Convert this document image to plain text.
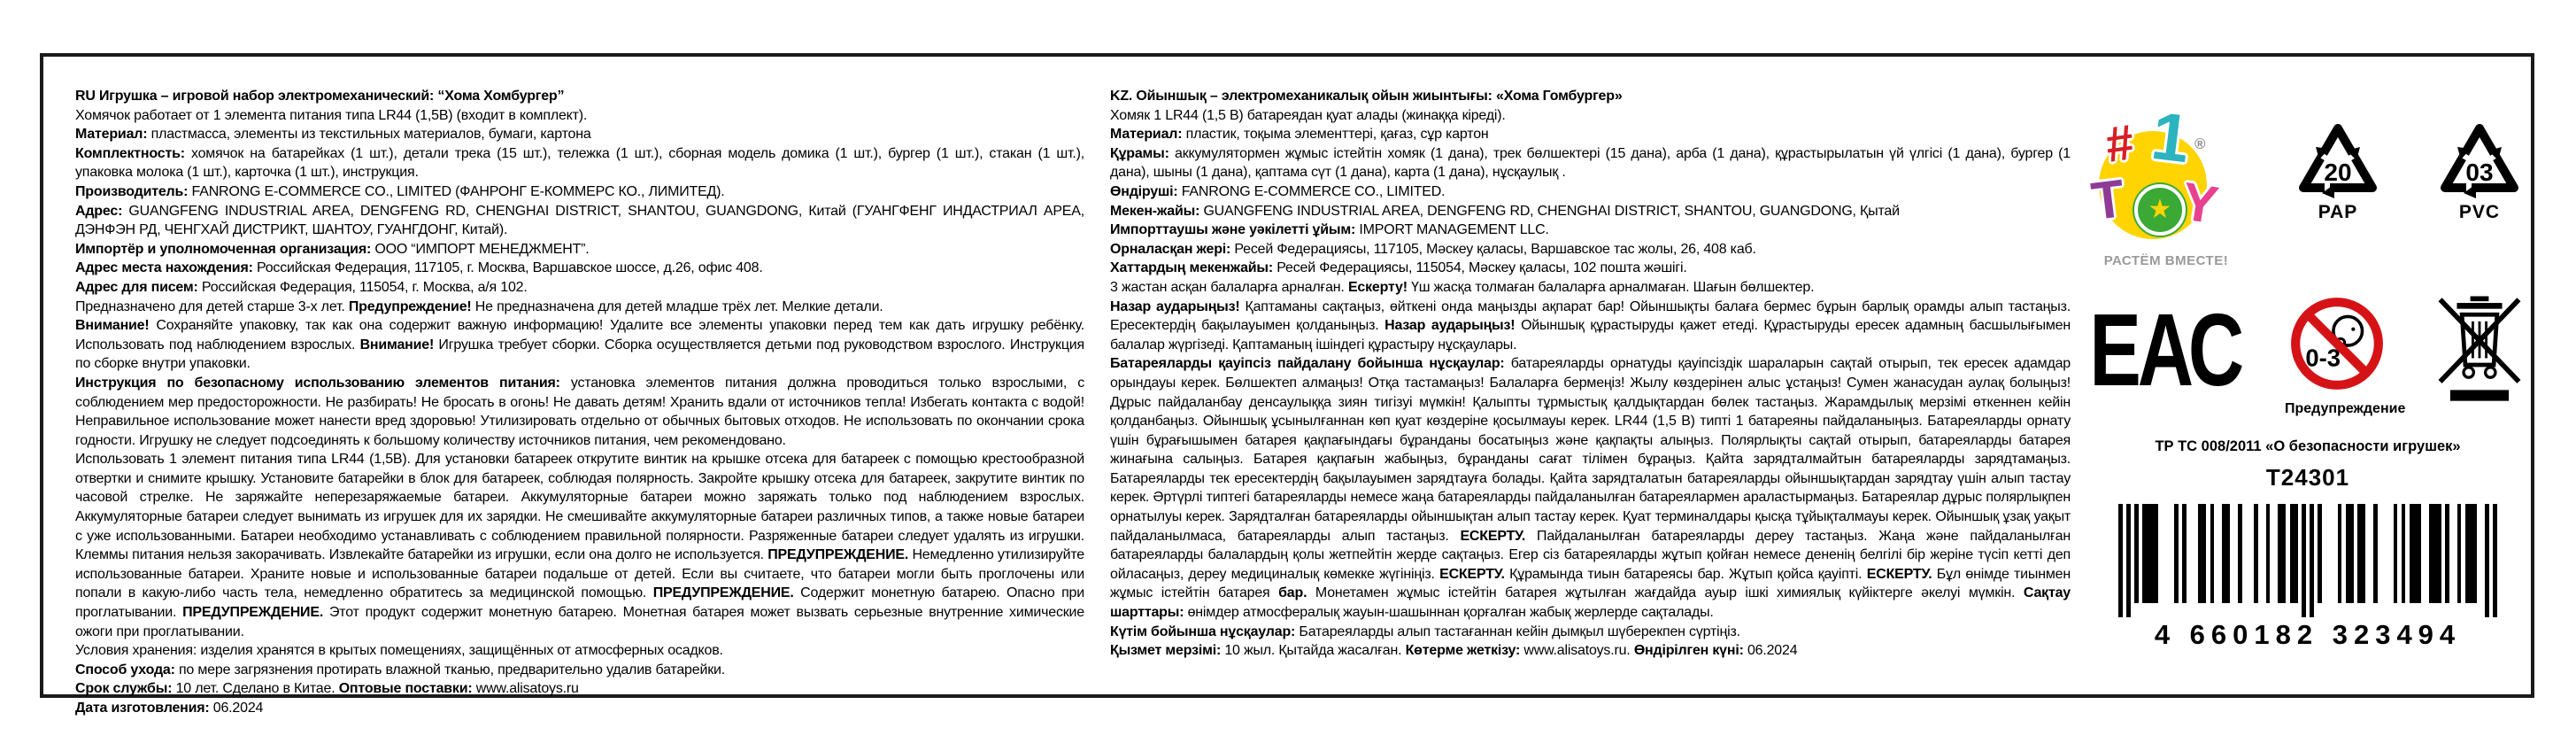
RU Игрушка – игровой набор электромеханический: “Хома Хомбургер”

Хомячок работает от 1 элемента питания типа LR44 (1,5В) (входит в комплект).

Материал: пластмасса, элементы из текстильных материалов, бумаги, картона

Комплектность: хомячок на батарейках (1 шт.), детали трека (15 шт.), тележка (1 шт.), сборная модель домика (1 шт.), бургер (1 шт.), стакан (1 шт.), упаковка молока (1 шт.), карточка (1 шт.), инструкция.

Производитель: FANRONG E-COMMERCE CO., LIMITED (ФАНРОНГ Е-КОММЕРС КО., ЛИМИТЕД).

Адрес: GUANGFENG INDUSTRIAL AREA, DENGFENG RD, CHENGHAI DISTRICT, SHANTOU, GUANGDONG, Китай (ГУАНГФЕНГ ИНДАСТРИАЛ АРЕА, ДЭНФЭН РД, ЧЕНГХАЙ ДИСТРИКТ, ШАНТОУ, ГУАНГДОНГ, Китай).

Импортёр и уполномоченная организация: ООО “ИМПОРТ МЕНЕДЖМЕНТ”.

Адрес места нахождения: Российская Федерация, 117105, г. Москва, Варшавское шоссе, д.26, офис 408.

Адрес для писем: Российская Федерация, 115054, г. Москва, а/я 102.

Предназначено для детей старше 3-х лет. Предупреждение! Не предназначена для детей младше трёх лет. Мелкие детали.

Внимание! Сохраняйте упаковку, так как она содержит важную информацию! Удалите все элементы упаковки перед тем как дать игрушку ребёнку. Использовать под наблюдением взрослых. Внимание! Игрушка требует сборки. Сборка осуществляется детьми под руководством взрослого. Инструкция по сборке внутри упаковки.

Инструкция по безопасному использованию элементов питания: установка элементов питания должна проводиться только взрослыми, с соблюдением мер предосторожности. Не разбирать! Не бросать в огонь! Не давать детям! Хранить вдали от источников тепла! Избегать контакта с водой! Неправильное использование может нанести вред здоровью! Утилизировать отдельно от обычных бытовых отходов. Не использовать по окончании срока годности. Игрушку не следует подсоединять к большому количеству источников питания, чем рекомендовано.

Использовать 1 элемент питания типа LR44 (1,5В). Для установки батареек открутите винтик на крышке отсека для батареек с помощью крестообразной отвертки и снимите крышку. Установите батарейки в блок для батареек, соблюдая полярность. Закройте крышку отсека для батареек, закрутите винтик по часовой стрелке. Не заряжайте неперезаряжаемые батареи. Аккумуляторные батареи можно заряжать только под наблюдением взрослых. Аккумуляторные батареи следует вынимать из игрушек для их зарядки. Не смешивайте аккумуляторные батареи различных типов, а также новые батареи с уже использованными. Батареи необходимо устанавливать с соблюдением правильной полярности. Разряженные батареи следует удалять из игрушки. Клеммы питания нельзя закорачивать. Извлекайте батарейки из игрушки, если она долго не используется. ПРЕДУПРЕЖДЕНИЕ. Немедленно утилизируйте использованные батареи. Храните новые и использованные батареи подальше от детей. Если вы считаете, что батареи могли быть проглочены или попали в какую-либо часть тела, немедленно обратитесь за медицинской помощью. ПРЕДУПРЕЖДЕНИЕ. Содержит монетную батарею. Опасно при проглатывании. ПРЕДУПРЕЖДЕНИЕ. Этот продукт содержит монетную батарею. Монетная батарея может вызвать серьезные внутренние химические ожоги при проглатывании.

Условия хранения: изделия хранятся в крытых помещениях, защищённых от атмосферных осадков.

Способ ухода: по мере загрязнения протирать влажной тканью, предварительно удалив батарейки.

Срок службы: 10 лет. Сделано в Китае. Оптовые поставки: www.alisatoys.ru

Дата изготовления: 06.2024

KZ. Ойыншық – электромеханикалық ойын жиынтығы: «Хома Гомбургер»

Хомяк 1 LR44 (1,5 В) батареядан қуат алады (жинаққа кіреді).

Материал: пластик, тоқыма элементтері, қағаз, сұр картон

Құрамы: аккумулятормен жұмыс істейтін хомяк (1 дана), трек бөлшектері (15 дана), арба (1 дана), құрастырылатын үй үлгісі (1 дана), бургер (1 дана), шыны (1 дана), қаптама сүт (1 дана), карта (1 дана), нұсқаулық .

Өндіруші: FANRONG E-COMMERCE CO., LIMITED.

Мекен-жайы: GUANGFENG INDUSTRIAL AREA, DENGFENG RD, CHENGHAI DISTRICT, SHANTOU, GUANGDONG, Қытай

Импорттаушы және уәкілетті ұйым: IMPORT MANAGEMENT LLC.

Орналасқан жері: Ресей Федерациясы, 117105, Мәскеу қаласы, Варшавское тас жолы, 26, 408 каб.

Хаттардың мекенжайы: Ресей Федерациясы, 115054, Мәскеу қаласы, 102 пошта жәшігі.

3 жастан асқан балаларға арналған. Ескерту! Үш жасқа толмаған балаларға арналмаған. Шағын бөлшектер.

Назар аударыңыз! Қаптаманы сақтаңыз, өйткені онда маңызды ақпарат бар! Ойыншықты балаға бермес бұрын барлық орамды алып тастаңыз. Ересектердің бақылауымен қолданыңыз. Назар аударыңыз! Ойыншық құрастыруды қажет етеді. Құрастыруды ересек адамның басшылығымен балалар жүргізеді. Қаптаманың ішіндегі құрастыру нұсқаулары.

Батареяларды қауіпсіз пайдалану бойынша нұсқаулар: батареяларды орнатуды қауіпсіздік шараларын сақтай отырып, тек ересек адамдар орындауы керек. Бөлшектеп алмаңыз! Отқа тастамаңыз! Балаларға бермеңіз! Жылу көздерінен алыс ұстаңыз! Сумен жанасудан аулақ болыңыз! Дұрыс пайдаланбау денсаулыққа зиян тигізуі мүмкін! Қалыпты тұрмыстық қалдықтардан бөлек тастаңыз. Жарамдылық мерзімі өткеннен кейін қолданбаңыз. Ойыншық ұсынылғаннан көп қуат көздеріне қосылмауы керек. LR44 (1,5 В) типті 1 батареяны пайдаланыңыз. Батареяларды орнату үшін бұрағышымен батарея қақпағындағы бұранданы босатыңыз және қақпақты алыңыз. Полярлықты сақтай отырып, батареяларды батарея жинағына салыңыз. Батарея қақпағын жабыңыз, бұранданы сағат тілімен бұраңыз. Қайта зарядталмайтын батареяларды зарядтамаңыз. Батареяларды тек ересектердің бақылауымен зарядтауға болады. Қайта зарядталатын батареяларды ойыншықтардан зарядтау үшін алып тастау керек. Әртүрлі типтегі батареяларды немесе жаңа батареяларды пайдаланылған батареялармен араластырмаңыз. Батареялар дұрыс полярлықпен орнатылуы керек. Зарядталған батареяларды ойыншықтан алып тастау керек. Қуат терминалдары қысқа тұйықталмауы керек. Ойыншық ұзақ уақыт пайдаланылмаса, батареяларды алып тастаңыз. ЕСКЕРТУ. Пайдаланылған батареяларды дереу тастаңыз. Жаңа және пайдаланылған батареяларды балалардың қолы жетпейтін жерде сақтаңыз. Егер сіз батареяларды жұтып қойған немесе дененің белгілі бір жеріне түсіп кетті деп ойласаңыз, дереу медициналық көмекке жүгініңіз. ЕСКЕРТУ. Құрамында тиын батареясы бар. Жұтып қойса қауіпті. ЕСКЕРТУ. Бұл өнімде тиынмен жұмыс істейтін батарея бар. Монетамен жұмыс істейтін батарея жұтылған жағдайда ауыр ішкі химиялық күйіктерге әкелуі мүмкін. Сақтау шарттары: өнімдер атмосфералық жауын-шашыннан қорғалған жабық жерлерде сақталады.

Күтім бойынша нұсқаулар: Батареяларды алып тастағаннан кейін дымқыл шүберекпен сүртіңіз.

Қызмет мерзімі: 10 жыл. Қытайда жасалған. Көтерме жеткізу: www.alisatoys.ru. Өндірілген күні: 06.2024

# 1 ®
T ★ Y
РАСТЁМ ВМЕСТЕ!
20
PAP
03
PVC
ЕАС	0-3
Предупреждение
ТР ТС 008/2011 «О безопасности игрушек»
Т24301
4 660182 323494
